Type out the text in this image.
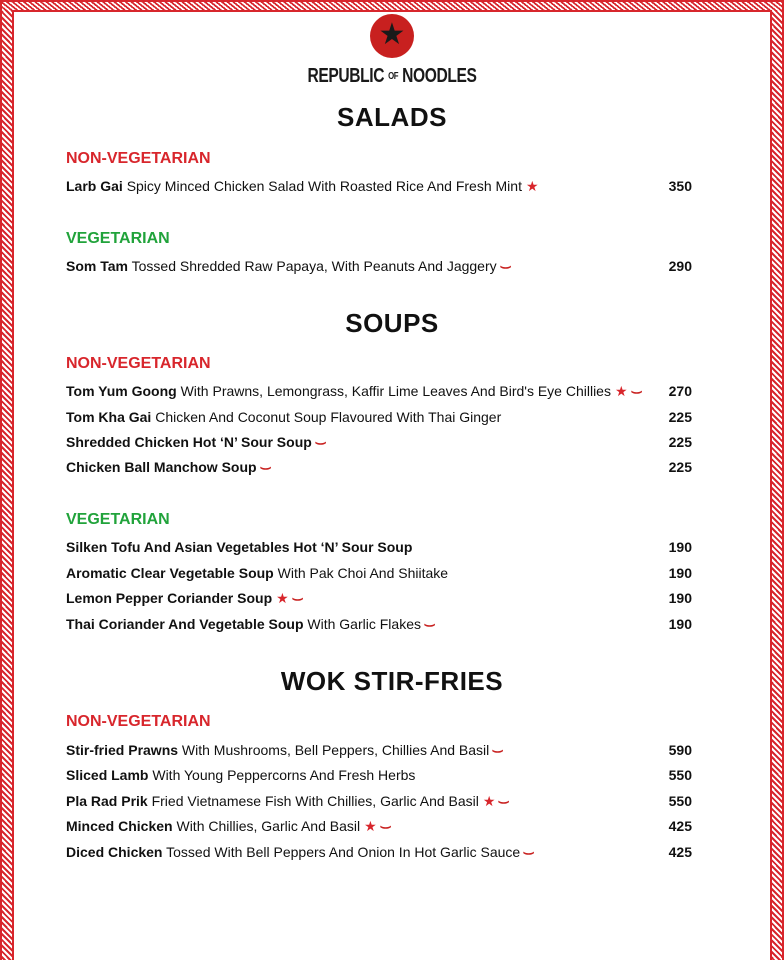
★
REPUBLIC OF NOODLES
SALADS
NON-VEGETARIAN
Larb Gai Spicy Minced Chicken Salad With Roasted Rice And Fresh Mint ★	350
VEGETARIAN
Som Tam Tossed Shredded Raw Papaya, With Peanuts And Jaggery ⌣	290
SOUPS
NON-VEGETARIAN
Tom Yum Goong With Prawns, Lemongrass, Kaffir Lime Leaves And Bird's Eye Chillies ★ ⌣ 270
Tom Kha Gai Chicken And Coconut Soup Flavoured With Thai Ginger	225
Shredded Chicken Hot ‘N’ Sour Soup ⌣	225
Chicken Ball Manchow Soup ⌣	225
VEGETARIAN
Silken Tofu And Asian Vegetables Hot ‘N’ Sour Soup	190
Aromatic Clear Vegetable Soup With Pak Choi And Shiitake	190
Lemon Pepper Coriander Soup ★ ⌣	190
Thai Coriander And Vegetable Soup With Garlic Flakes ⌣	190
WOK STIR-FRIES
NON-VEGETARIAN
Stir-fried Prawns With Mushrooms, Bell Peppers, Chillies And Basil ⌣	590
Sliced Lamb With Young Peppercorns And Fresh Herbs	550
Pla Rad Prik Fried Vietnamese Fish With Chillies, Garlic And Basil ★ ⌣	550
Minced Chicken With Chillies, Garlic And Basil ★ ⌣	425
Diced Chicken Tossed With Bell Peppers And Onion In Hot Garlic Sauce ⌣	425
